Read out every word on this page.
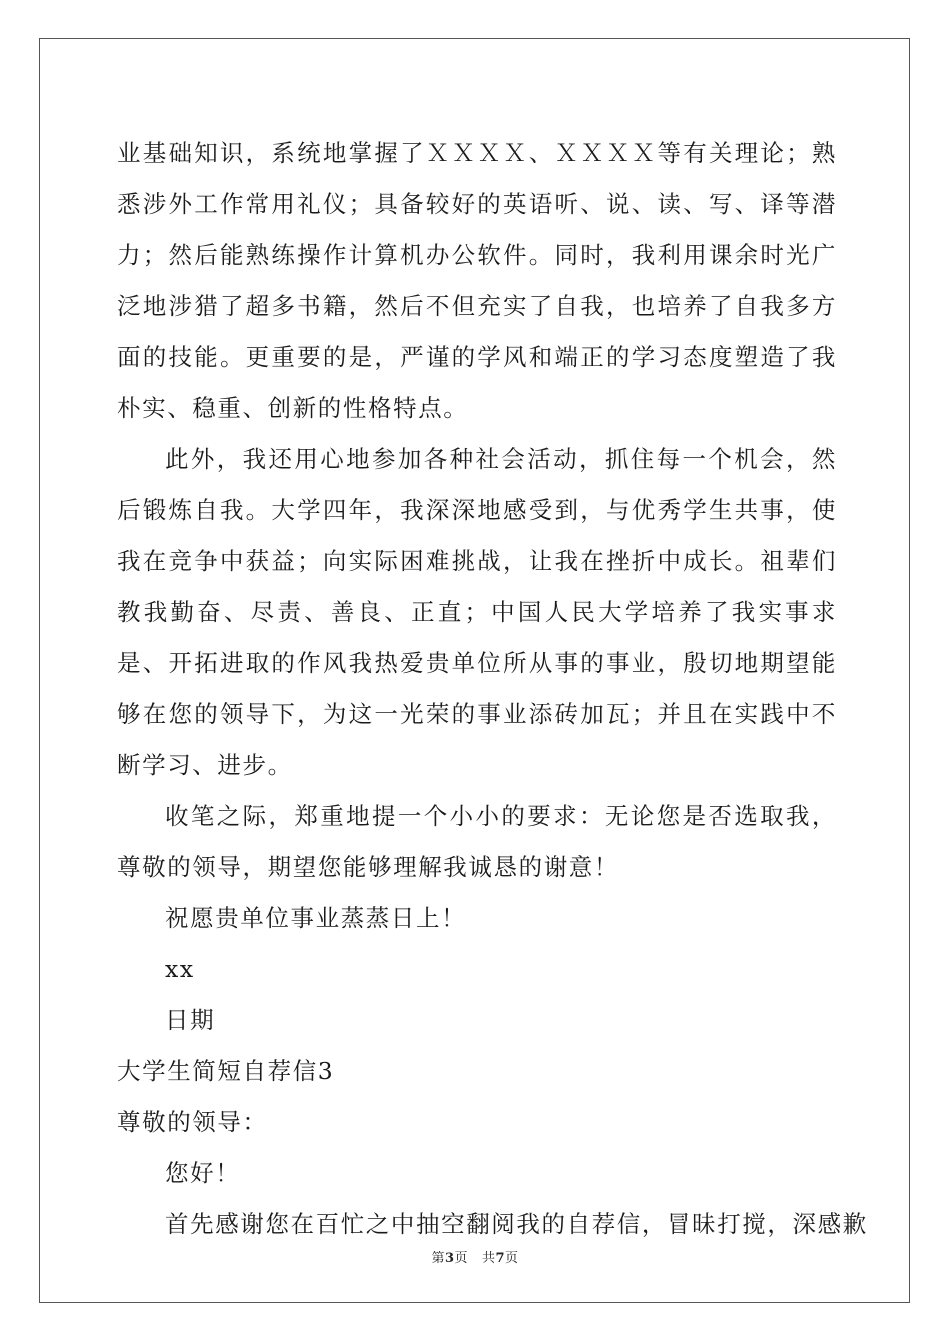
业基础知识，系统地掌握了ＸＸＸＸ、ＸＸＸＸ等有关理论；熟悉涉外工作常用礼仪；具备较好的英语听、说、读、写、译等潜力；然后能熟练操作计算机办公软件。同时，我利用课余时光广泛地涉猎了超多书籍，然后不但充实了自我，也培养了自我多方面的技能。更重要的是，严谨的学风和端正的学习态度塑造了我朴实、稳重、创新的性格特点。

此外，我还用心地参加各种社会活动，抓住每一个机会，然后锻炼自我。大学四年，我深深地感受到，与优秀学生共事，使我在竞争中获益；向实际困难挑战，让我在挫折中成长。祖辈们教我勤奋、尽责、善良、正直；中国人民大学培养了我实事求是、开拓进取的作风我热爱贵单位所从事的事业，殷切地期望能够在您的领导下，为这一光荣的事业添砖加瓦；并且在实践中不断学习、进步。

收笔之际，郑重地提一个小小的要求：无论您是否选取我，尊敬的领导，期望您能够理解我诚恳的谢意！

祝愿贵单位事业蒸蒸日上！

xx

日期

大学生简短自荐信3

尊敬的领导：

您好！

首先感谢您在百忙之中抽空翻阅我的自荐信，冒昧打搅，深感歉

第3页   共7页
